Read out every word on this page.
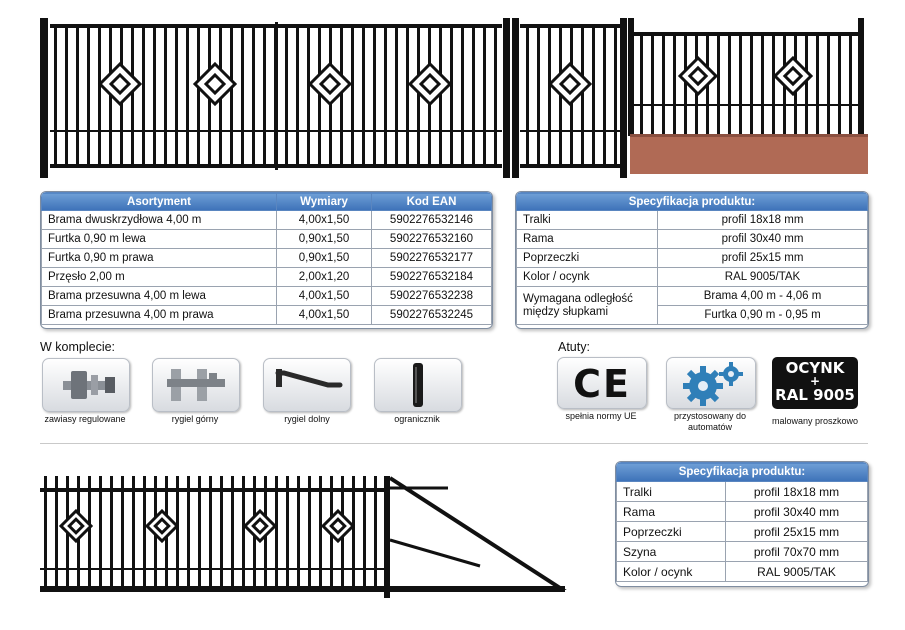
Asortyment	Wymiary	Kod EAN
Brama dwuskrzydłowa 4,00 m	4,00x1,50	5902276532146
Furtka 0,90 m lewa	0,90x1,50	5902276532160
Furtka 0,90 m prawa	0,90x1,50	5902276532177
Przęsło 2,00 m	2,00x1,20	5902276532184
Brama przesuwna 4,00 m lewa	4,00x1,50	5902276532238
Brama przesuwna 4,00 m prawa	4,00x1,50	5902276532245
Specyfikacja produktu:	
Tralki	profil 18x18 mm
Rama	profil 30x40 mm
Poprzeczki	profil 25x15 mm
Kolor / ocynk	RAL 9005/TAK

Wymagana odległość
między słupkami	Brama 4,00 m - 4,06 m
	Furtka 0,90 m - 0,95 m
W komplecie:
zawiasy regulowane	rygiel górny	rygiel dolny	ogranicznik
Atuty:
CE
spełnia normy UE	przystosowany do
automatów
OCYNK
+
RAL 9005
malowany proszkowo
Specyfikacja produktu:	
Tralki	profil 18x18 mm
Rama	profil 30x40 mm
Poprzeczki	profil 25x15 mm
Szyna	profil 70x70 mm
Kolor / ocynk	RAL 9005/TAK
